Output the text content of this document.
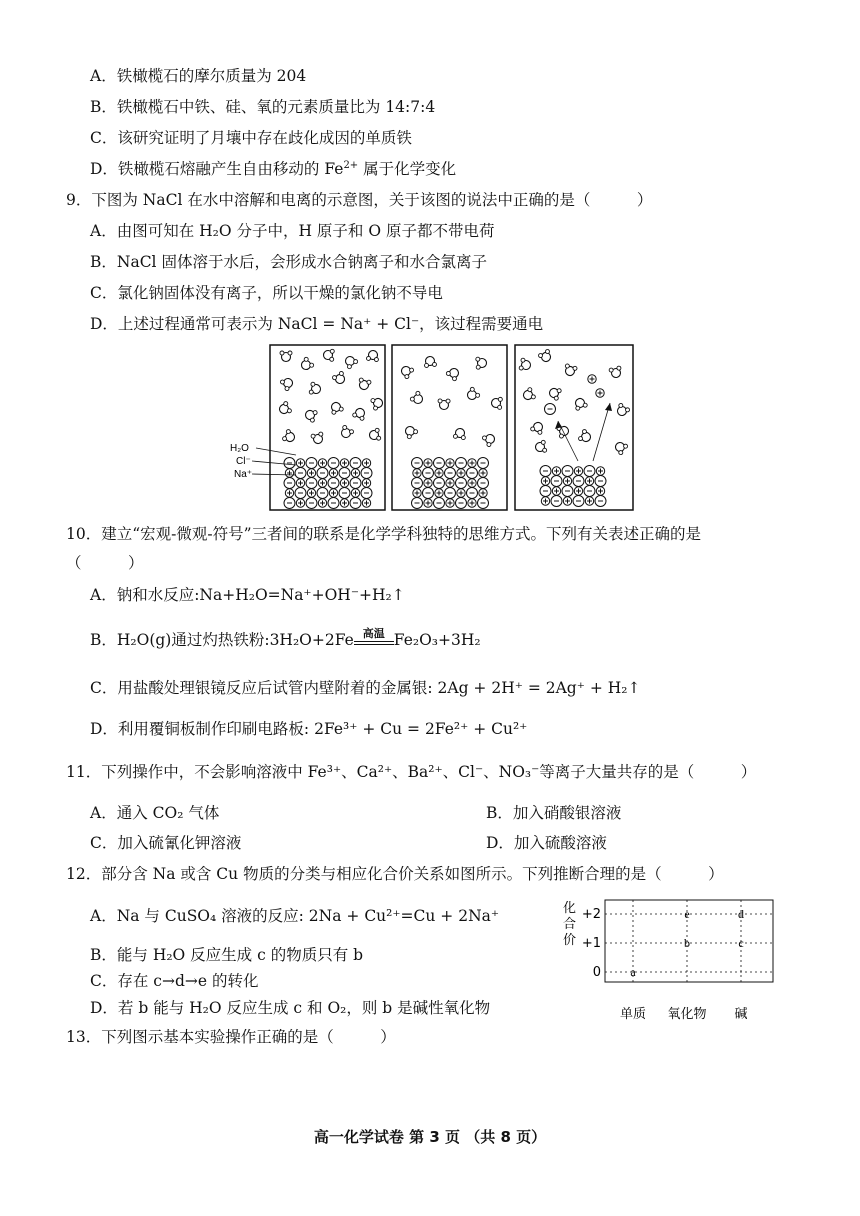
A．铁橄榄石的摩尔质量为 204
B．铁橄榄石中铁、硅、氧的元素质量比为 14:7:4
C．该研究证明了月壤中存在歧化成因的单质铁
D．铁橄榄石熔融产生自由移动的 $Fe^{2+}$ 属于化学变化
9．下图为 NaCl 在水中溶解和电离的示意图，关于该图的说法中正确的是（　　　）
A．由图可知在 H₂O 分子中，H 原子和 O 原子都不带电荷
B．NaCl 固体溶于水后，会形成水合钠离子和水合氯离子
C．氯化钠固体没有离子，所以干燥的氯化钠不导电
D．上述过程通常可表示为 NaCl = Na⁺ + Cl⁻，该过程需要通电
H₂O
Cl⁻
Na⁺
10．建立“宏观-微观-符号”三者间的联系是化学学科独特的思维方式。下列有关表述正确的是
（　　　）
A．钠和水反应:Na+H₂O=Na⁺+OH⁻+H₂↑
B．H₂O(g)通过灼热铁粉:3H₂O+2Fe 高温 Fe₂O₃+3H₂
C．用盐酸处理银镜反应后试管内壁附着的金属银: 2Ag + 2H⁺ = 2Ag⁺ + H₂↑
D．利用覆铜板制作印刷电路板: 2Fe³⁺ + Cu = 2Fe²⁺ + Cu²⁺
11．下列操作中，不会影响溶液中 Fe³⁺、Ca²⁺、Ba²⁺、Cl⁻、NO₃⁻等离子大量共存的是（　　　）
A．通入 CO₂ 气体	B．加入硝酸银溶液
C．加入硫氰化钾溶液	D．加入硫酸溶液
12．部分含 Na 或含 Cu 物质的分类与相应化合价关系如图所示。下列推断合理的是（　　　）
A．Na 与 CuSO₄ 溶液的反应: 2Na + Cu²⁺=Cu + 2Na⁺
B．能与 H₂O 反应生成 c 的物质只有 b
C．存在 c→d→e 的转化
D．若 b 能与 H₂O 反应生成 c 和 O₂，则 b 是碱性氧化物
化
合
价
+2
+1
0
单质 氧化物 碱
a
b	c
d
e
13．下列图示基本实验操作正确的是（　　　）
高一化学试卷 第 3 页 （共 8 页）
